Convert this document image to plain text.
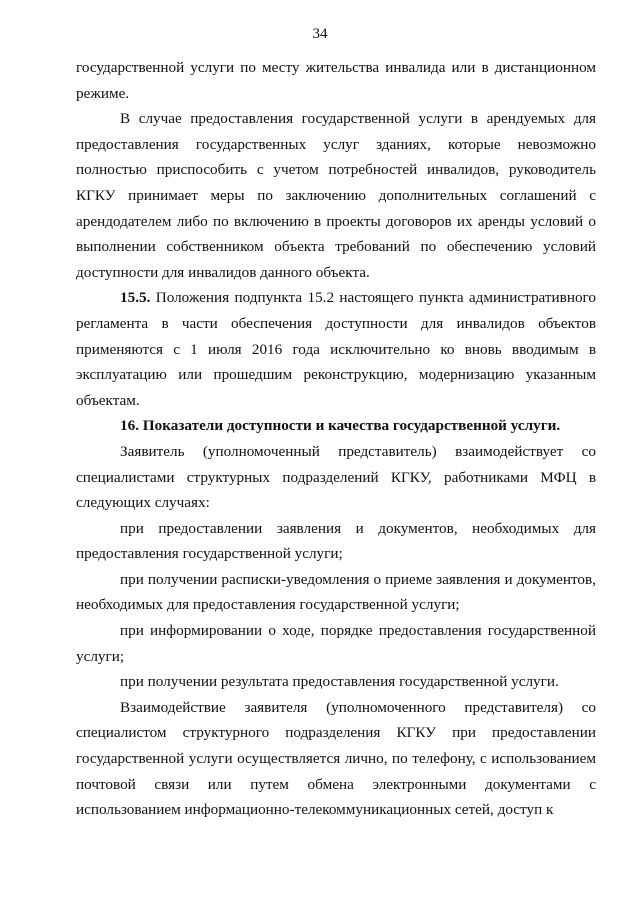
34

государственной услуги по месту жительства инвалида или в дистанционном режиме.

В случае предоставления государственной услуги в арендуемых для предоставления государственных услуг зданиях, которые невозможно полностью приспособить с учетом потребностей инвалидов, руководитель КГКУ принимает меры по заключению дополнительных соглашений с арендодателем либо по включению в проекты договоров их аренды условий о выполнении собственником объекта требований по обеспечению условий доступности для инвалидов данного объекта.

15.5. Положения подпункта 15.2 настоящего пункта административного регламента в части обеспечения доступности для инвалидов объектов применяются с 1 июля 2016 года исключительно ко вновь вводимым в эксплуатацию или прошедшим реконструкцию, модернизацию указанным объектам.

16. Показатели доступности и качества государственной услуги.

Заявитель (уполномоченный представитель) взаимодействует со специалистами структурных подразделений КГКУ, работниками МФЦ в следующих случаях:

при предоставлении заявления и документов, необходимых для предоставления государственной услуги;

при получении расписки-уведомления о приеме заявления и документов, необходимых для предоставления государственной услуги;

при информировании о ходе, порядке предоставления государственной услуги;

при получении результата предоставления государственной услуги.

Взаимодействие заявителя (уполномоченного представителя) со специалистом структурного подразделения КГКУ при предоставлении государственной услуги осуществляется лично, по телефону, с использованием почтовой связи или путем обмена электронными документами с использованием информационно-телекоммуникационных сетей, доступ к
